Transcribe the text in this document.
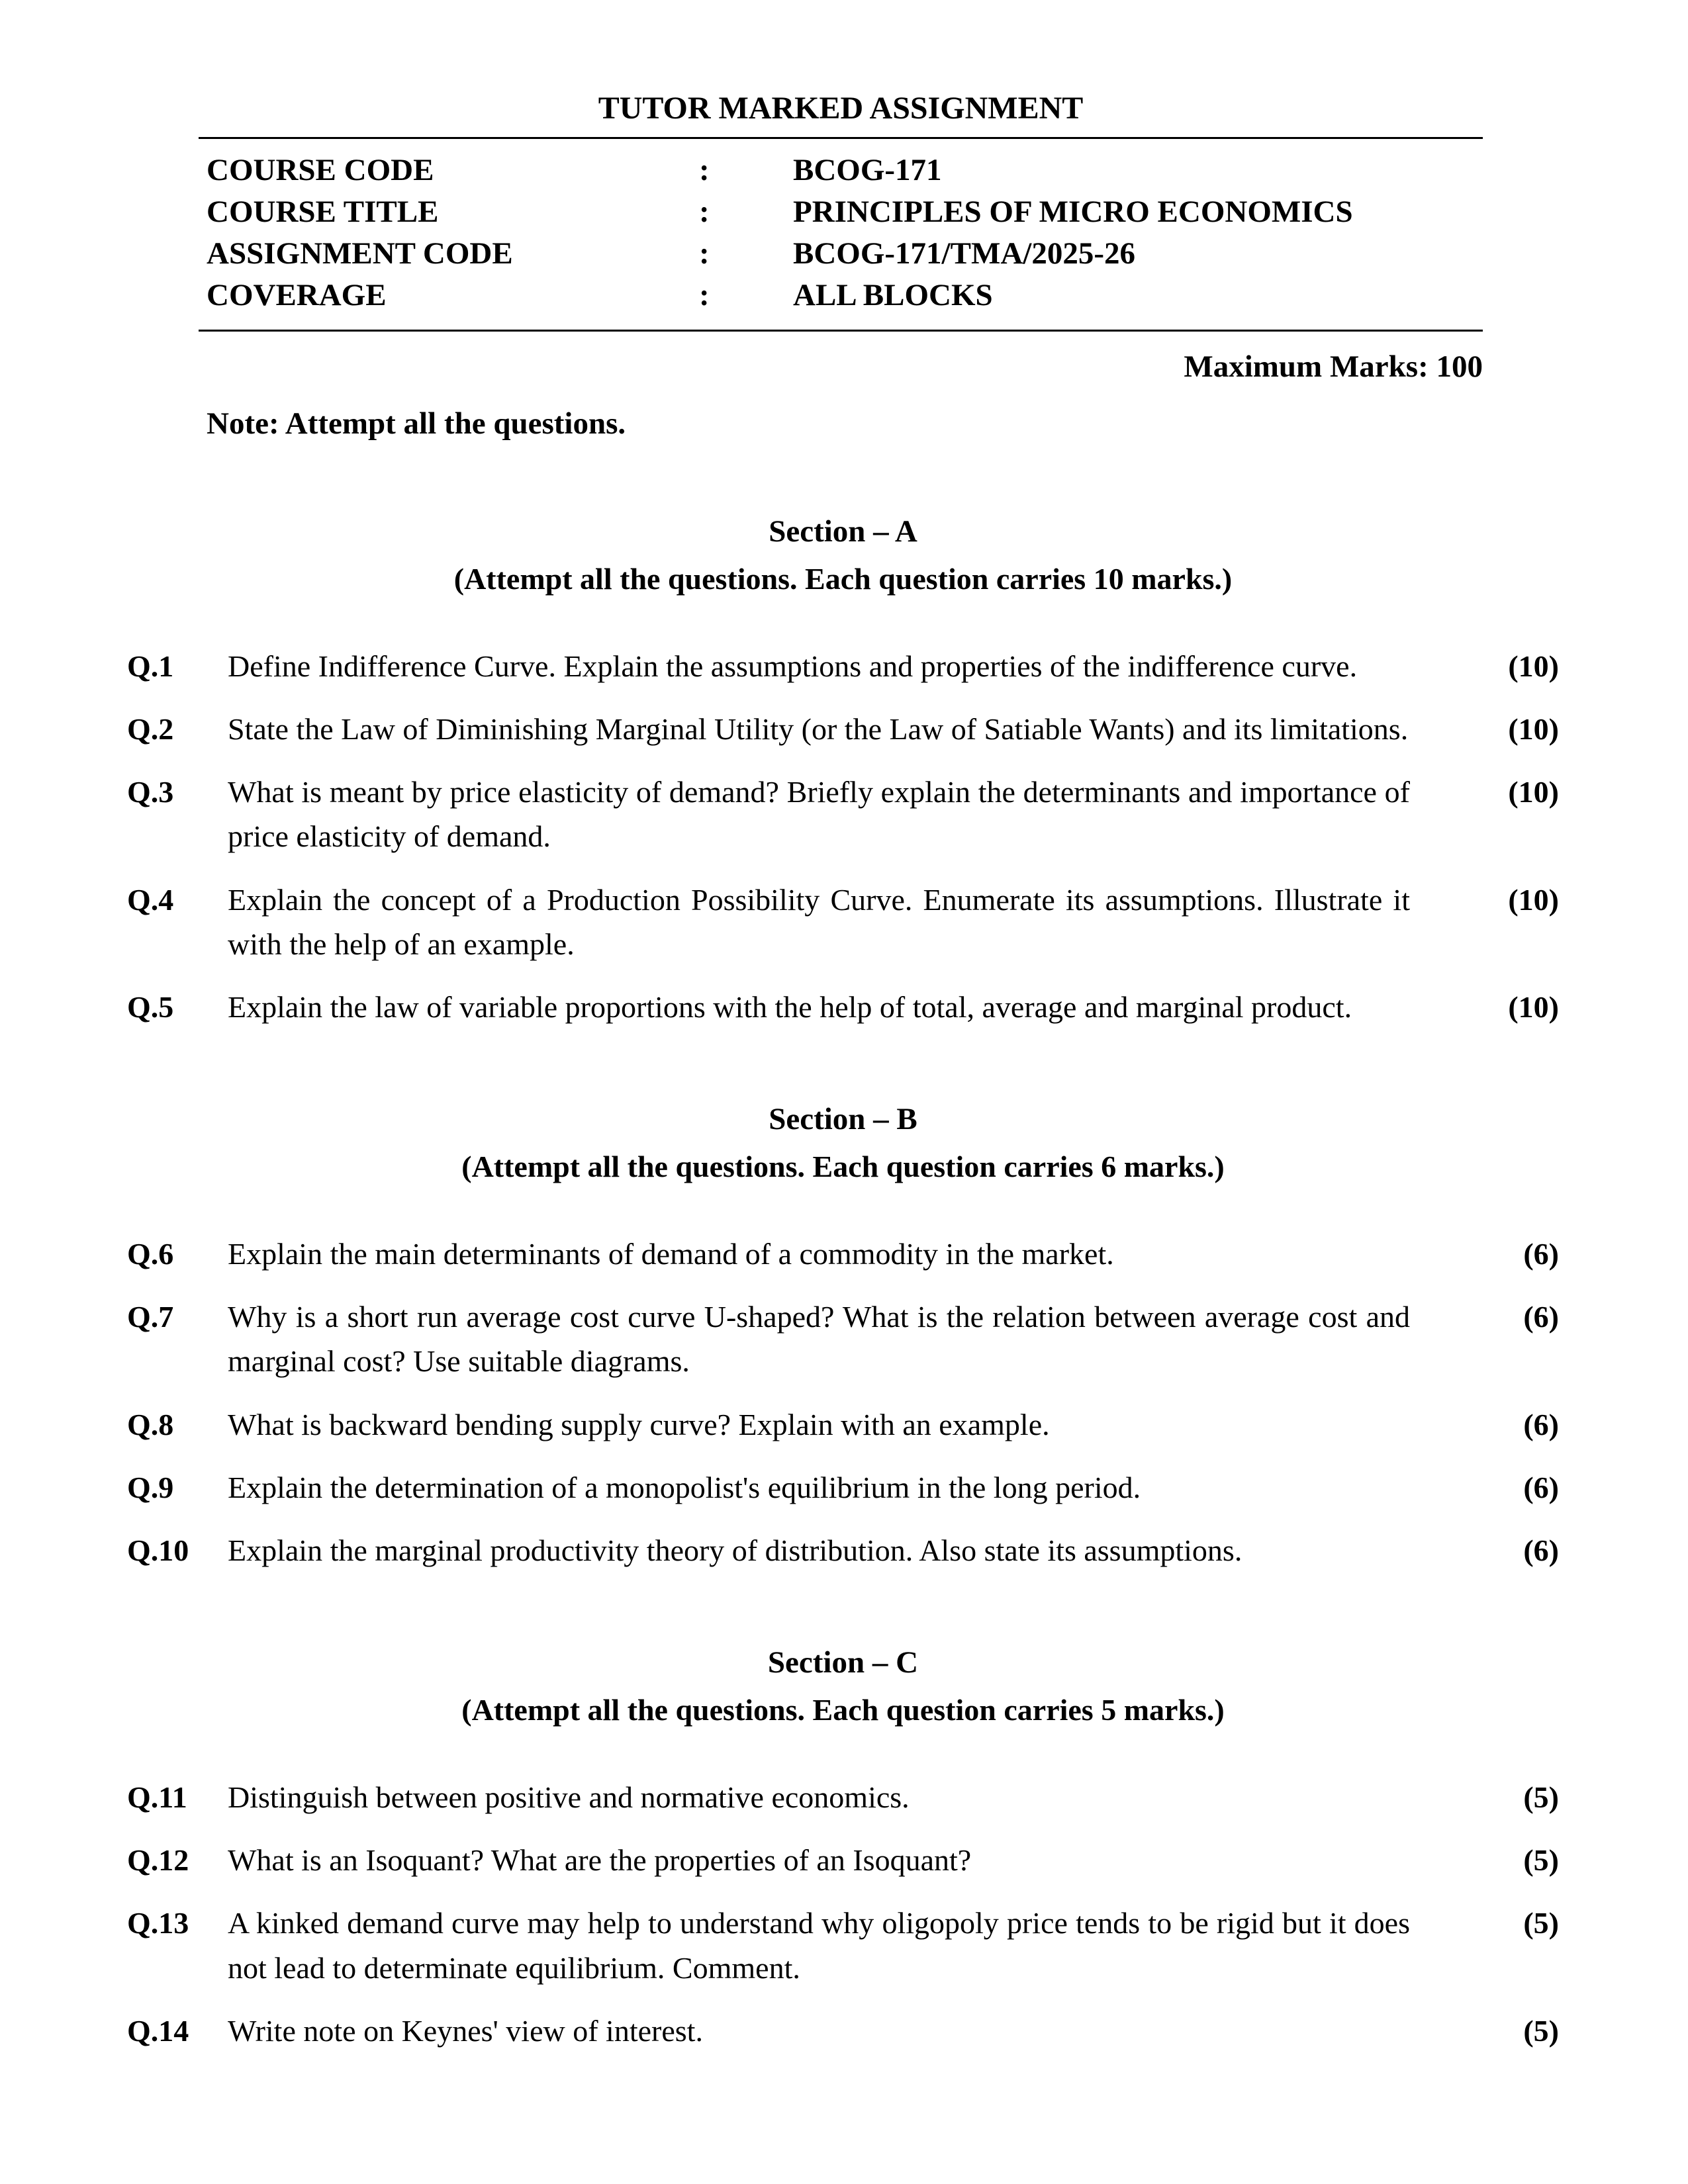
TUTOR MARKED ASSIGNMENT
COURSE CODE	:	BCOG-171
COURSE TITLE	:	PRINCIPLES OF MICRO ECONOMICS
ASSIGNMENT CODE	:	BCOG-171/TMA/2025-26
COVERAGE	:	ALL BLOCKS
Maximum Marks: 100
Note: Attempt all the questions.
Section – A
(Attempt all the questions. Each question carries 10 marks.)
Q.1	Define Indifference Curve. Explain the assumptions and properties of the indifference curve.	(10)
Q.2	State the Law of Diminishing Marginal Utility (or the Law of Satiable Wants) and its limitations.	(10)
Q.3	What is meant by price elasticity of demand? Briefly explain the determinants and importance of price elasticity of demand.
(10)
Q.4	Explain the concept of a Production Possibility Curve. Enumerate its assumptions. Illustrate it with the help of an example.
(10)
Q.5	Explain the law of variable proportions with the help of total, average and marginal product.	(10)
Section – B
(Attempt all the questions. Each question carries 6 marks.)
Q.6	Explain the main determinants of demand of a commodity in the market.	(6)
Q.7	Why is a short run average cost curve U-shaped? What is the relation between average cost and marginal cost? Use suitable diagrams.
(6)
Q.8	What is backward bending supply curve? Explain with an example.	(6)
Q.9	Explain the determination of a monopolist's equilibrium in the long period.	(6)
Q.10	Explain the marginal productivity theory of distribution. Also state its assumptions.	(6)
Section – C
(Attempt all the questions. Each question carries 5 marks.)
Q.11	Distinguish between positive and normative economics.	(5)
Q.12	What is an Isoquant? What are the properties of an Isoquant?	(5)
Q.13	A kinked demand curve may help to understand why oligopoly price tends to be rigid but it does not lead to determinate equilibrium. Comment.
(5)
Q.14	Write note on Keynes' view of interest.	(5)
